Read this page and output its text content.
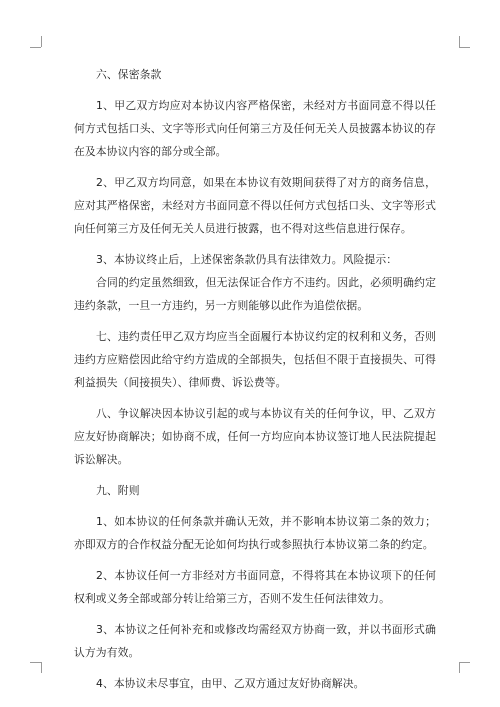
六、保密条款

1、甲乙双方均应对本协议内容严格保密，未经对方书面同意不得以任何方式包括口头、文字等形式向任何第三方及任何无关人员披露本协议的存在及本协议内容的部分或全部。

2、甲乙双方均同意，如果在本协议有效期间获得了对方的商务信息，应对其严格保密，未经对方书面同意不得以任何方式包括口头、文字等形式向任何第三方及任何无关人员进行披露，也不得对这些信息进行保存。

3、本协议终止后，上述保密条款仍具有法律效力。风险提示：

合同的约定虽然细致，但无法保证合作方不违约。因此，必须明确约定违约条款，一旦一方违约，另一方则能够以此作为追偿依据。

七、违约责任甲乙双方均应当全面履行本协议约定的权利和义务，否则违约方应赔偿因此给守约方造成的全部损失，包括但不限于直接损失、可得利益损失（间接损失）、律师费、诉讼费等。

八、争议解决因本协议引起的或与本协议有关的任何争议，甲、乙双方应友好协商解决；如协商不成，任何一方均应向本协议签订地人民法院提起诉讼解决。

九、附则

1、如本协议的任何条款并确认无效，并不影响本协议第二条的效力；亦即双方的合作权益分配无论如何均执行或参照执行本协议第二条的约定。

2、本协议任何一方非经对方书面同意，不得将其在本协议项下的任何权利或义务全部或部分转让给第三方，否则不发生任何法律效力。

3、本协议之任何补充和或修改均需经双方协商一致，并以书面形式确认方为有效。

4、本协议未尽事宜，由甲、乙双方通过友好协商解决。
